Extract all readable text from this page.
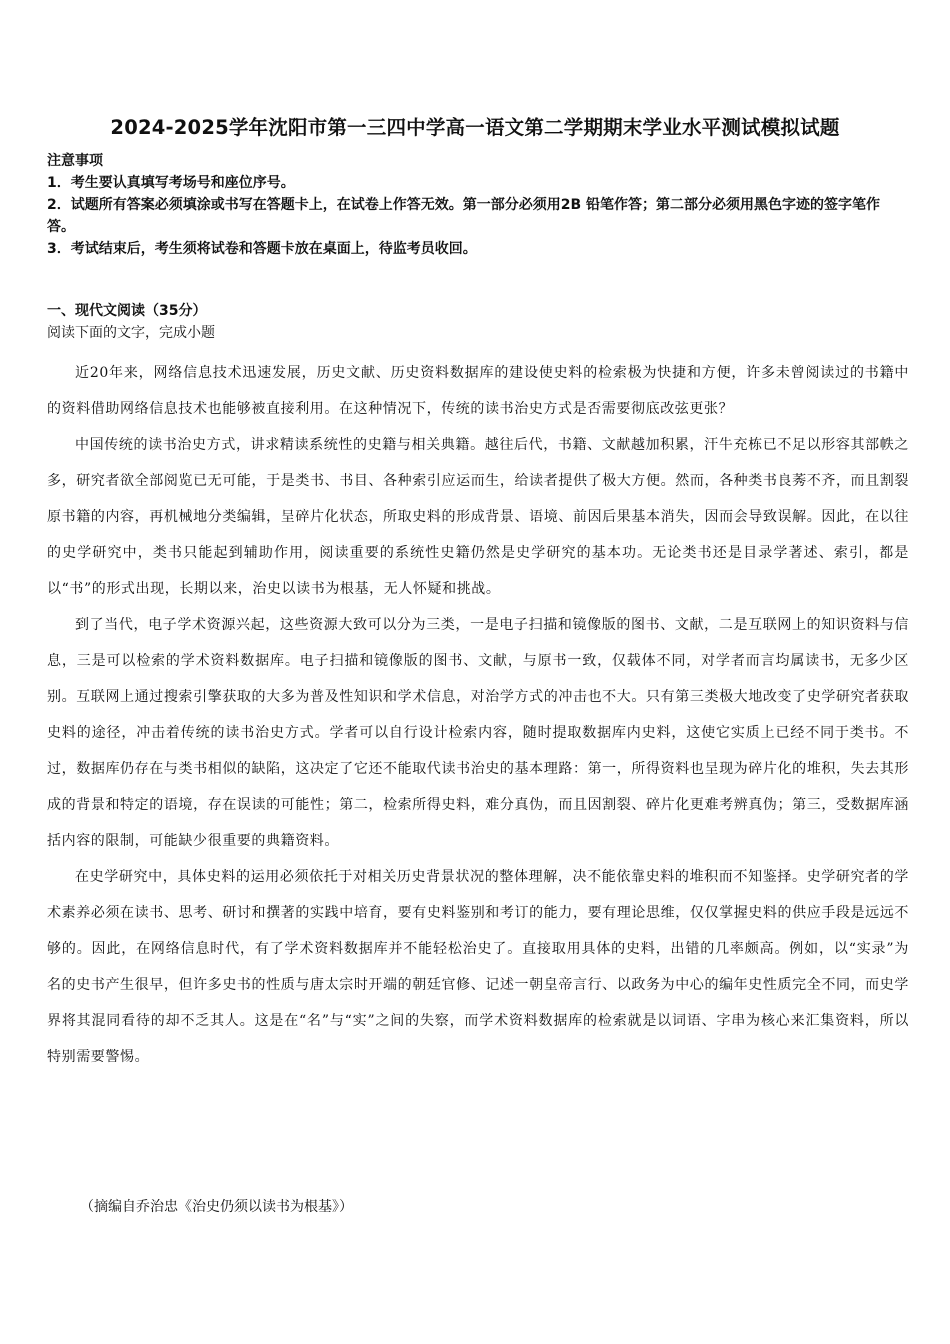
2024-2025学年沈阳市第一三四中学高一语文第二学期期末学业水平测试模拟试题

注意事项

1．考生要认真填写考场号和座位序号。

2．试题所有答案必须填涂或书写在答题卡上，在试卷上作答无效。第一部分必须用2B 铅笔作答；第二部分必须用黑色字迹的签字笔作答。

3．考试结束后，考生须将试卷和答题卡放在桌面上，待监考员收回。

一、现代文阅读（35分）

阅读下面的文字，完成小题

近20年来，网络信息技术迅速发展，历史文献、历史资料数据库的建设使史料的检索极为快捷和方便，许多未曾阅读过的书籍中的资料借助网络信息技术也能够被直接利用。在这种情况下，传统的读书治史方式是否需要彻底改弦更张？

中国传统的读书治史方式，讲求精读系统性的史籍与相关典籍。越往后代，书籍、文献越加积累，汗牛充栋已不足以形容其部帙之多，研究者欲全部阅览已无可能，于是类书、书目、各种索引应运而生，给读者提供了极大方便。然而，各种类书良莠不齐，而且割裂原书籍的内容，再机械地分类编辑，呈碎片化状态，所取史料的形成背景、语境、前因后果基本消失，因而会导致误解。因此，在以往的史学研究中，类书只能起到辅助作用，阅读重要的系统性史籍仍然是史学研究的基本功。无论类书还是目录学著述、索引，都是以“书”的形式出现，长期以来，治史以读书为根基，无人怀疑和挑战。

到了当代，电子学术资源兴起，这些资源大致可以分为三类，一是电子扫描和镜像版的图书、文献，二是互联网上的知识资料与信息，三是可以检索的学术资料数据库。电子扫描和镜像版的图书、文献，与原书一致，仅载体不同，对学者而言均属读书，无多少区别。互联网上通过搜索引擎获取的大多为普及性知识和学术信息，对治学方式的冲击也不大。只有第三类极大地改变了史学研究者获取史料的途径，冲击着传统的读书治史方式。学者可以自行设计检索内容，随时提取数据库内史料，这使它实质上已经不同于类书。不过，数据库仍存在与类书相似的缺陷，这决定了它还不能取代读书治史的基本理路：第一，所得资料也呈现为碎片化的堆积，失去其形成的背景和特定的语境，存在误读的可能性；第二，检索所得史料，难分真伪，而且因割裂、碎片化更难考辨真伪；第三，受数据库涵括内容的限制，可能缺少很重要的典籍资料。

在史学研究中，具体史料的运用必须依托于对相关历史背景状况的整体理解，决不能依靠史料的堆积而不知鉴择。史学研究者的学术素养必须在读书、思考、研讨和撰著的实践中培育，要有史料鉴别和考订的能力，要有理论思维，仅仅掌握史料的供应手段是远远不够的。因此，在网络信息时代，有了学术资料数据库并不能轻松治史了。直接取用具体的史料，出错的几率颇高。例如，以“实录”为名的史书产生很早，但许多史书的性质与唐太宗时开端的朝廷官修、记述一朝皇帝言行、以政务为中心的编年史性质完全不同，而史学界将其混同看待的却不乏其人。这是在“名”与“实”之间的失察，而学术资料数据库的检索就是以词语、字串为核心来汇集资料，所以特别需要警惕。

（摘编自乔治忠《治史仍须以读书为根基》）
